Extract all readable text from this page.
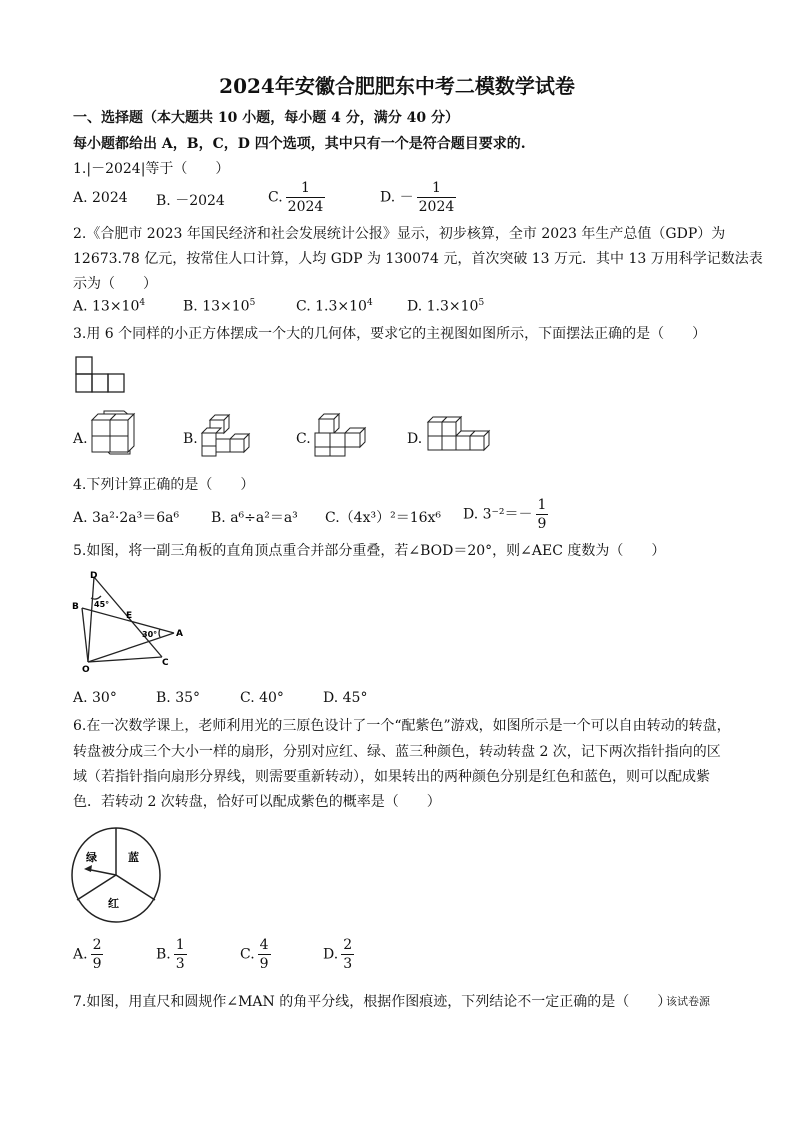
2024年安徽合肥肥东中考二模数学试卷
一、选择题（本大题共 10 小题，每小题 4 分，满分 40 分）
每小题都给出 A，B，C，D 四个选项，其中只有一个是符合题目要求的.
1.|－2024|等于（　　）
A. 2024 B. －2024	C. $\frac{1}{2024}$	D. － $\frac{1}{2024}$
2.《合肥市 2023 年国民经济和社会发展统计公报》显示，初步核算，全市 2023 年生产总值（GDP）为
12673.78 亿元，按常住人口计算，人均 GDP 为 130074 元，首次突破 13 万元．其中 13 万用科学记数法表
示为（　　）
A. $13\times 10^4$	B. $13\times 10^5$	C. $1.3\times 10^4$ D. $1.3\times 10^5$
3.用 6 个同样的小正方体摆成一个大的几何体，要求它的主视图如图所示，下面摆法正确的是（　　）
A.	B.	C.	D.
4.下列计算正确的是（　　）
A. 3a²·2a³＝6a⁶ B. a⁶÷a²＝a³ C.（4x³）²＝16x⁶ D. $3^{-2}=- \frac{1}{9}$
5.如图，将一副三角板的直角顶点重合并部分重叠，若∠BOD＝20°，则∠AEC 度数为（　　）
D
B
E
A
O
C
45°
30°
A. 30°	B. 35°	C. 40°	D. 45°
6.在一次数学课上，老师利用光的三原色设计了一个“配紫色”游戏，如图所示是一个可以自由转动的转盘，
转盘被分成三个大小一样的扇形，分别对应红、绿、蓝三种颜色，转动转盘 2 次，记下两次指针指向的区
域（若指针指向扇形分界线，则需要重新转动），如果转出的两种颜色分别是红色和蓝色，则可以配成紫
色．若转动 2 次转盘，恰好可以配成紫色的概率是（　　）
绿	蓝
红
A. $\frac{2}{9}$	B. $\frac{1}{3}$	C. $\frac{4}{9}$	D. $\frac{2}{3}$
7.如图，用直尺和圆规作∠MAN 的角平分线，根据作图痕迹，下列结论不一定正确的是（　　）
该试卷源
